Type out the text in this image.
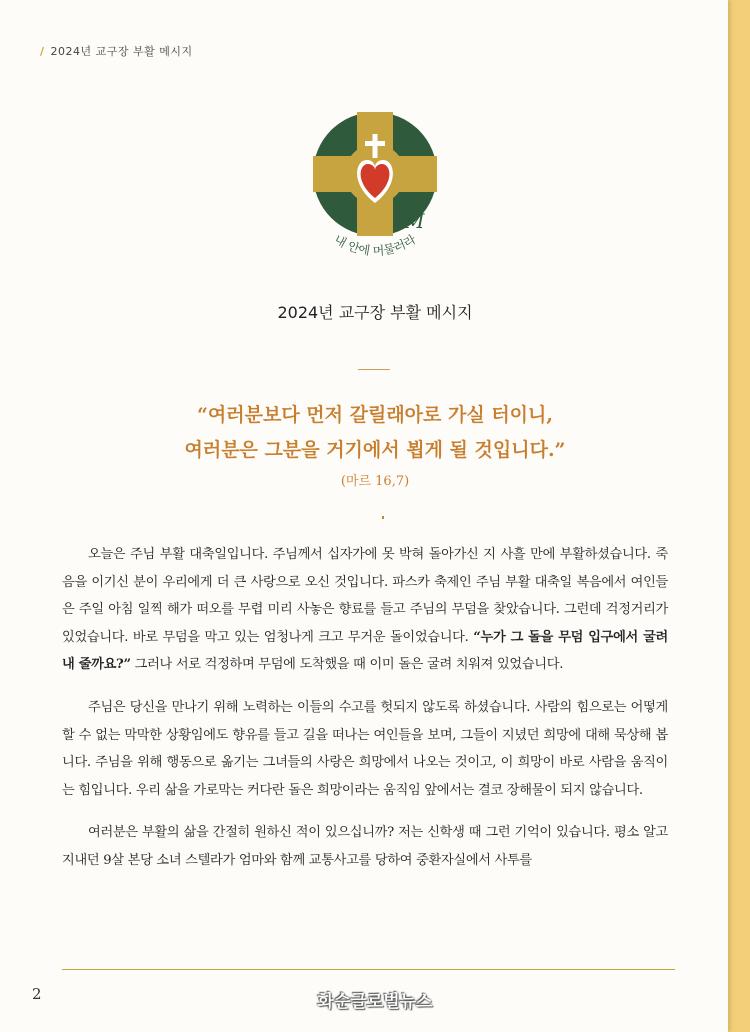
/ 2024년 교구장 부활 메시지
M
내 안에 머물러라
2024년 교구장 부활 메시지
“여러분보다 먼저 갈릴래아로 가실 터이니,
여러분은 그분을 거기에서 뵙게 될 것입니다.”
(마르 16,7)

오늘은 주님 부활 대축일입니다. 주님께서 십자가에 못 박혀 돌아가신 지 사흘 만에 부활하셨습니다. 죽음을 이기신 분이 우리에게 더 큰 사랑으로 오신 것입니다. 파스카 축제인 주님 부활 대축일 복음에서 여인들은 주일 아침 일찍 해가 떠오를 무렵 미리 사놓은 향료를 들고 주님의 무덤을 찾았습니다. 그런데 걱정거리가 있었습니다. 바로 무덤을 막고 있는 엄청나게 크고 무거운 돌이었습니다. “누가 그 돌을 무덤 입구에서 굴려 내 줄까요?” 그러나 서로 걱정하며 무덤에 도착했을 때 이미 돌은 굴려 치워져 있었습니다.

주님은 당신을 만나기 위해 노력하는 이들의 수고를 헛되지 않도록 하셨습니다. 사람의 힘으로는 어떻게 할 수 없는 막막한 상황임에도 향유를 들고 길을 떠나는 여인들을 보며, 그들이 지녔던 희망에 대해 묵상해 봅니다. 주님을 위해 행동으로 옮기는 그녀들의 사랑은 희망에서 나오는 것이고, 이 희망이 바로 사람을 움직이는 힘입니다. 우리 삶을 가로막는 커다란 돌은 희망이라는 움직임 앞에서는 결코 장해물이 되지 않습니다.

여러분은 부활의 삶을 간절히 원하신 적이 있으십니까? 저는 신학생 때 그런 기억이 있습니다. 평소 알고 지내던 9살 본당 소녀 스텔라가 엄마와 함께 교통사고를 당하여 중환자실에서 사투를

2	화순글로벌뉴스
